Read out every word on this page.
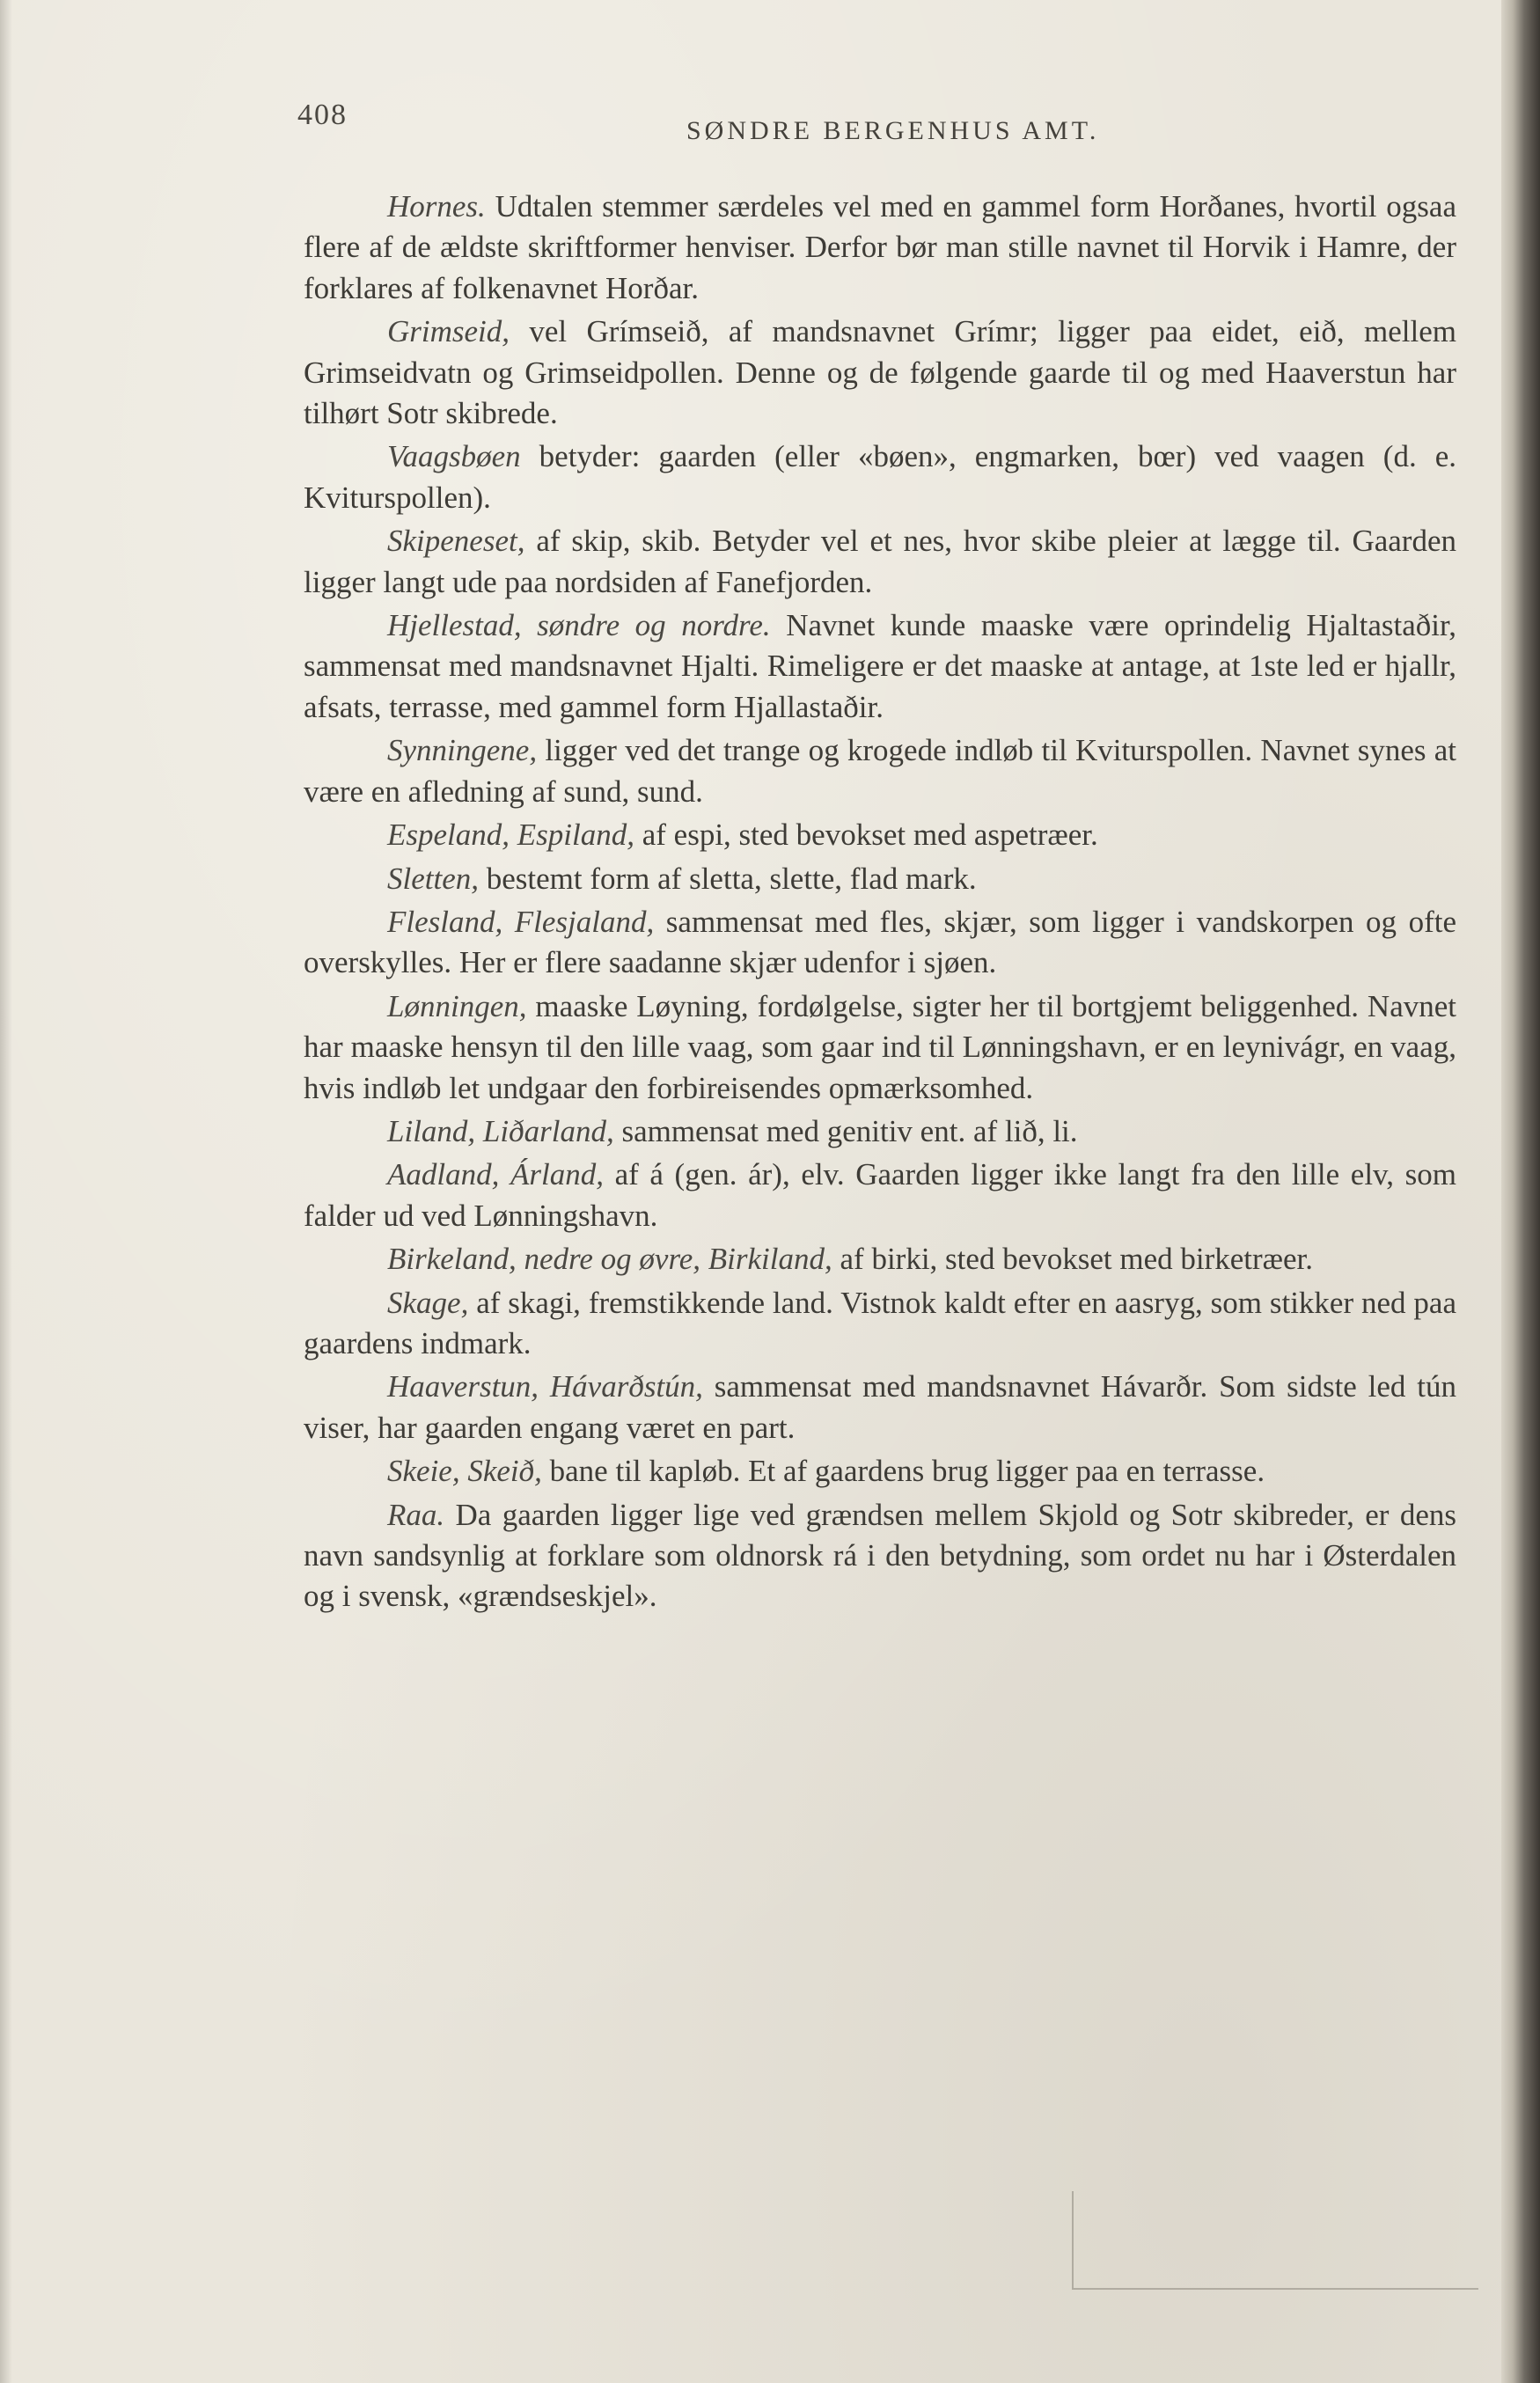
408	SØNDRE BERGENHUS AMT.

Hornes. Udtalen stemmer særdeles vel med en gammel form Horðanes, hvortil ogsaa flere af de ældste skriftformer henviser. Derfor bør man stille navnet til Horvik i Hamre, der forklares af folkenavnet Horðar.

Grimseid, vel Grímseið, af mandsnavnet Grímr; ligger paa eidet, eið, mellem Grimseidvatn og Grimseidpollen. Denne og de følgende gaarde til og med Haaverstun har tilhørt Sotr skibrede.

Vaagsbøen betyder: gaarden (eller «bøen», engmarken, bœr) ved vaagen (d. e. Kviturspollen).

Skipeneset, af skip, skib. Betyder vel et nes, hvor skibe pleier at lægge til. Gaarden ligger langt ude paa nordsiden af Fanefjorden.

Hjellestad, søndre og nordre. Navnet kunde maaske være oprindelig Hjaltastaðir, sammensat med mandsnavnet Hjalti. Rimeligere er det maaske at antage, at 1ste led er hjallr, afsats, terrasse, med gammel form Hjallastaðir.

Synningene, ligger ved det trange og krogede indløb til Kviturspollen. Navnet synes at være en afledning af sund, sund.

Espeland, Espiland, af espi, sted bevokset med aspetræer.

Sletten, bestemt form af sletta, slette, flad mark.

Flesland, Flesjaland, sammensat med fles, skjær, som ligger i vandskorpen og ofte overskylles. Her er flere saadanne skjær udenfor i sjøen.

Lønningen, maaske Løyning, fordølgelse, sigter her til bortgjemt beliggenhed. Navnet har maaske hensyn til den lille vaag, som gaar ind til Lønningshavn, er en leynivágr, en vaag, hvis indløb let undgaar den forbireisendes opmærksomhed.

Liland, Liðarland, sammensat med genitiv ent. af lið, li.

Aadland, Árland, af á (gen. ár), elv. Gaarden ligger ikke langt fra den lille elv, som falder ud ved Lønningshavn.

Birkeland, nedre og øvre, Birkiland, af birki, sted bevokset med birketræer.

Skage, af skagi, fremstikkende land. Vistnok kaldt efter en aasryg, som stikker ned paa gaardens indmark.

Haaverstun, Hávarðstún, sammensat med mandsnavnet Hávarðr. Som sidste led tún viser, har gaarden engang været en part.

Skeie, Skeið, bane til kapløb. Et af gaardens brug ligger paa en terrasse.

Raa. Da gaarden ligger lige ved grændsen mellem Skjold og Sotr skibreder, er dens navn sandsynlig at forklare som oldnorsk rá i den betydning, som ordet nu har i Østerdalen og i svensk, «grændseskjel».
